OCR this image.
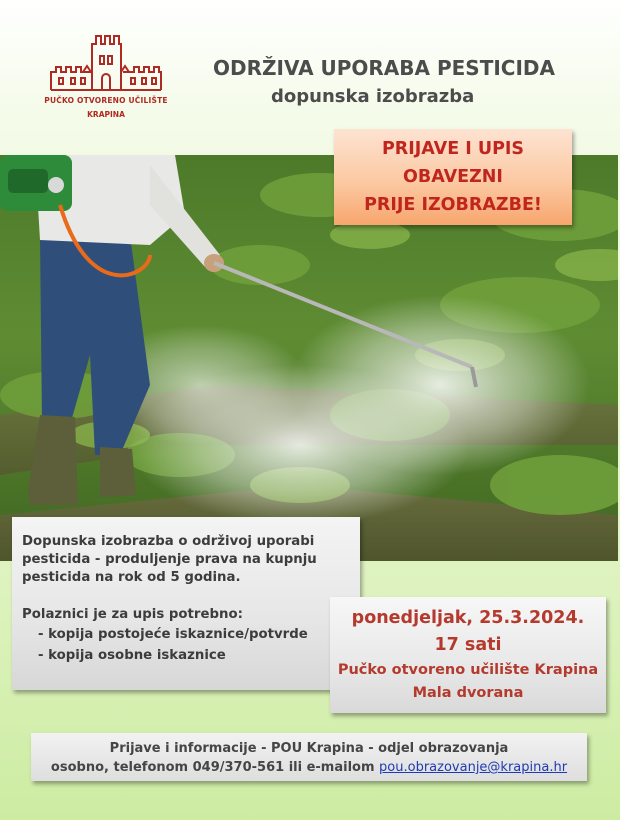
PUČKO OTVORENO UČILIŠTE
KRAPINA
ODRŽIVA UPORABA PESTICIDA
dopunska izobrazba
PRIJAVE I UPIS
OBAVEZNI
PRIJE IZOBRAZBE!

Dopunska izobrazba o održivoj uporabi pesticida - produljenje prava na kupnju pesticida na rok od 5 godina.

Polaznici je za upis potrebno:

- kopija postojeće iskaznice/potvrde

- kopija osobne iskaznice

ponedjeljak, 25.3.2024.
17 sati
Pučko otvoreno učilište Krapina
Mala dvorana
Prijave i informacije - POU Krapina - odjel obrazovanja
osobno, telefonom 049/370-561 ili e-mailom pou.obrazovanje@krapina.hr
